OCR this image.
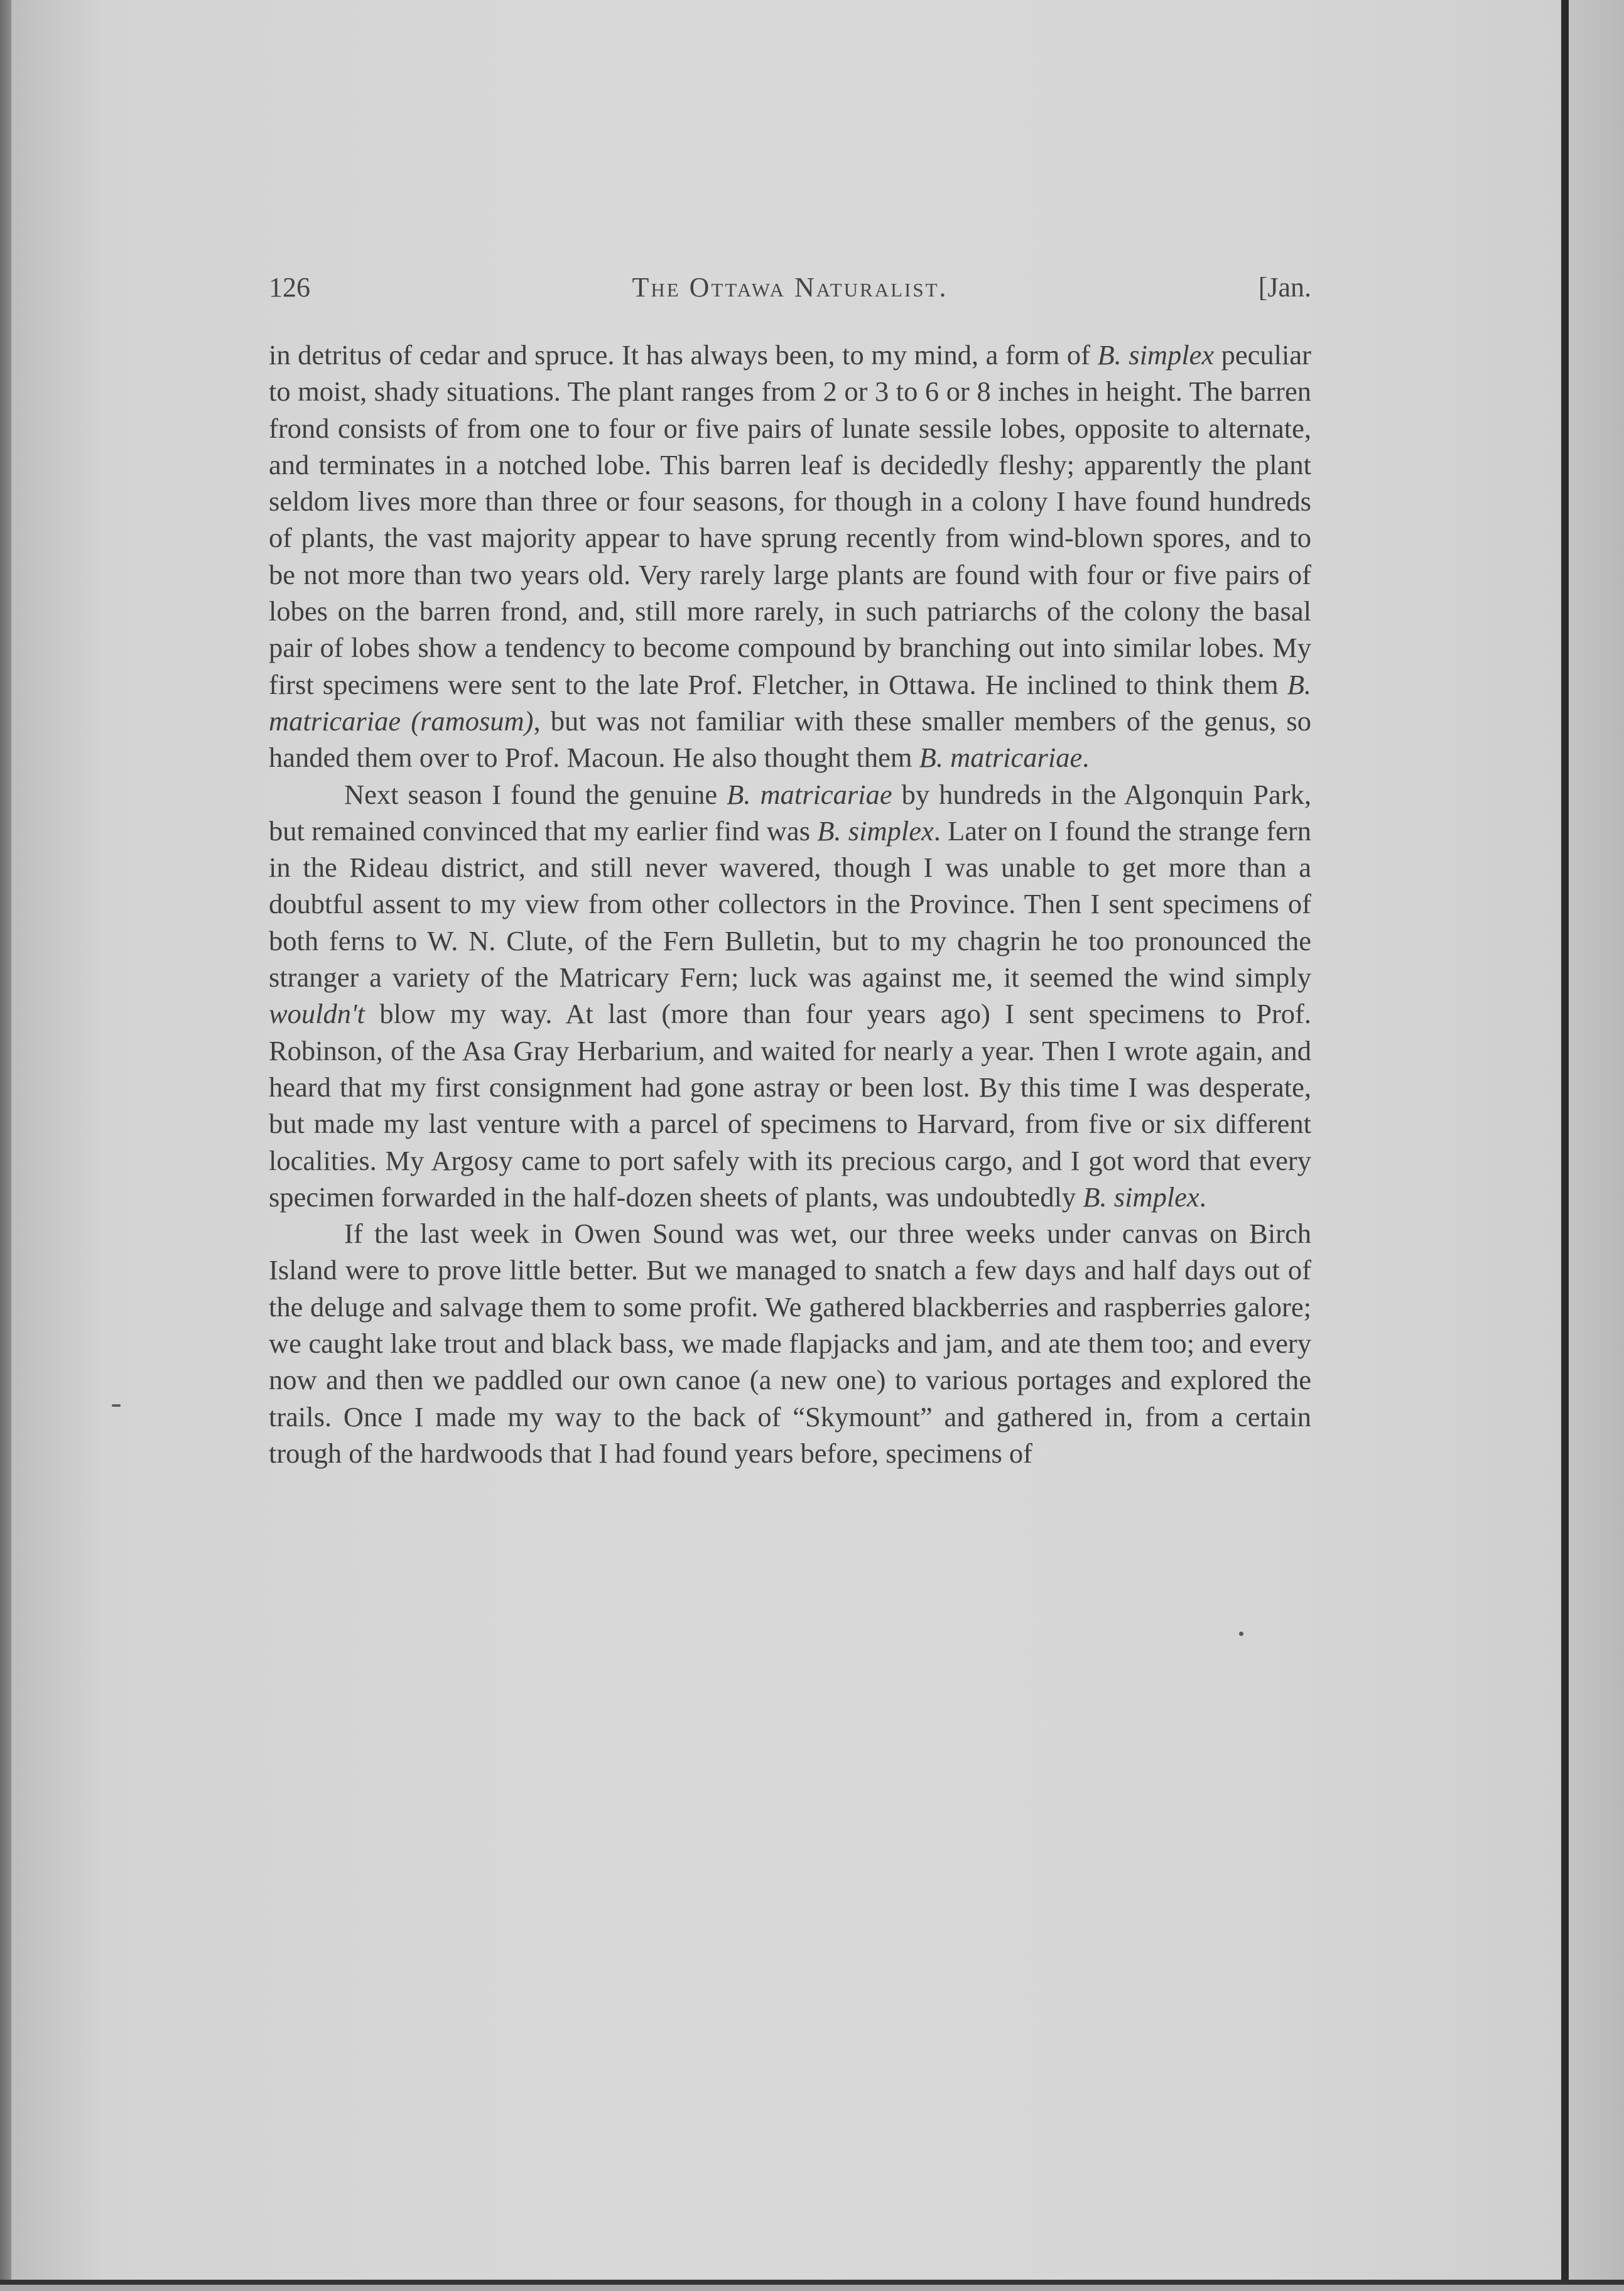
126	The Ottawa Naturalist.	[Jan.

in detritus of cedar and spruce. It has always been, to my mind, a form of B. simplex peculiar to moist, shady situations. The plant ranges from 2 or 3 to 6 or 8 inches in height. The barren frond consists of from one to four or five pairs of lunate sessile lobes, opposite to alternate, and terminates in a notched lobe. This barren leaf is decidedly fleshy; apparently the plant seldom lives more than three or four seasons, for though in a colony I have found hundreds of plants, the vast majority appear to have sprung recently from wind-blown spores, and to be not more than two years old. Very rarely large plants are found with four or five pairs of lobes on the barren frond, and, still more rarely, in such patriarchs of the colony the basal pair of lobes show a tendency to become compound by branching out into similar lobes. My first specimens were sent to the late Prof. Fletcher, in Ottawa. He inclined to think them B. matricariae (ramosum), but was not familiar with these smaller members of the genus, so handed them over to Prof. Macoun. He also thought them B. matricariae.

Next season I found the genuine B. matricariae by hundreds in the Algonquin Park, but remained convinced that my earlier find was B. simplex. Later on I found the strange fern in the Rideau district, and still never wavered, though I was unable to get more than a doubtful assent to my view from other collectors in the Province. Then I sent specimens of both ferns to W. N. Clute, of the Fern Bulletin, but to my chagrin he too pronounced the stranger a variety of the Matricary Fern; luck was against me, it seemed the wind simply wouldn't blow my way. At last (more than four years ago) I sent specimens to Prof. Robinson, of the Asa Gray Herbarium, and waited for nearly a year. Then I wrote again, and heard that my first consignment had gone astray or been lost. By this time I was desperate, but made my last venture with a parcel of specimens to Harvard, from five or six different localities. My Argosy came to port safely with its precious cargo, and I got word that every specimen forwarded in the half-dozen sheets of plants, was undoubtedly B. simplex.

If the last week in Owen Sound was wet, our three weeks under canvas on Birch Island were to prove little better. But we managed to snatch a few days and half days out of the deluge and salvage them to some profit. We gathered blackberries and raspberries galore; we caught lake trout and black bass, we made flapjacks and jam, and ate them too; and every now and then we paddled our own canoe (a new one) to various portages and explored the trails. Once I made my way to the back of “Skymount” and gathered in, from a certain trough of the hardwoods that I had found years before, specimens of
